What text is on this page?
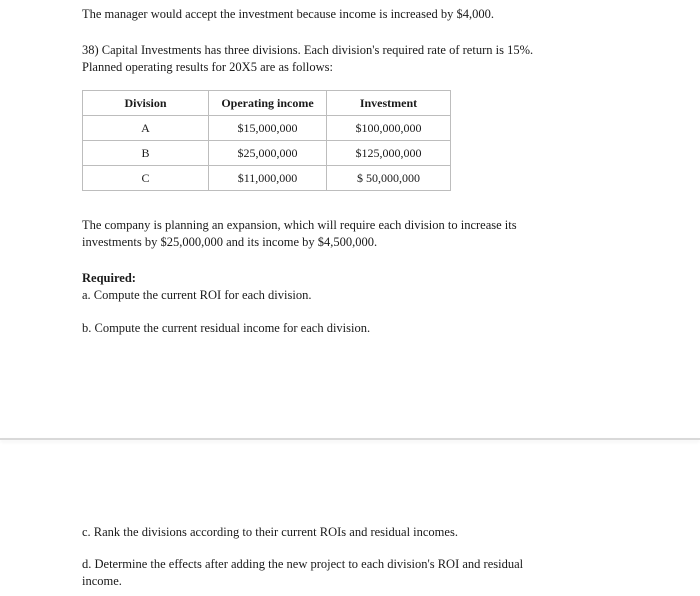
The manager would accept the investment because income is increased by $4,000.

38) Capital Investments has three divisions. Each division's required rate of return is 15%.
Planned operating results for 20X5 are as follows:
Division	Operating income	Investment
A	$15,000,000	$100,000,000
B	$25,000,000	$125,000,000
C	$11,000,000	$ 50,000,000
The company is planning an expansion, which will require each division to increase its
investments by $25,000,000 and its income by $4,500,000.

Required:

a. Compute the current ROI for each division.

b. Compute the current residual income for each division.

c. Rank the divisions according to their current ROIs and residual incomes.

d. Determine the effects after adding the new project to each division's ROI and residual
income.
